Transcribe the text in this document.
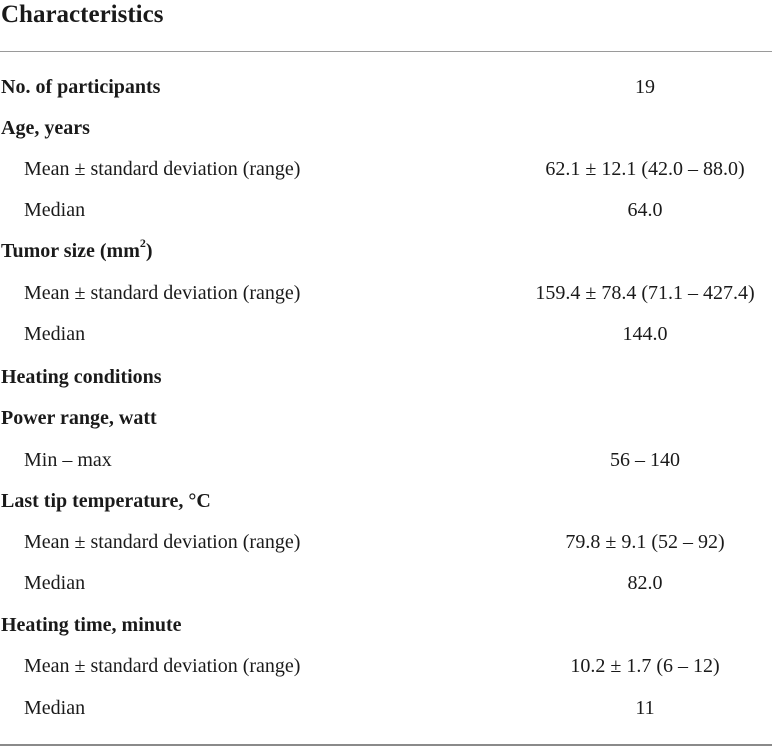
Characteristics
No. of participants	19
Age, years
Mean ± standard deviation (range)	62.1 ± 12.1 (42.0 – 88.0)
Median	64.0
Tumor size $(mm^2)$
Mean ± standard deviation (range)	159.4 ± 78.4 (71.1 – 427.4)
Median	144.0
Heating conditions
Power range, watt
Min – max	56 – 140
Last tip temperature, °C
Mean ± standard deviation (range)	79.8 ± 9.1 (52 – 92)
Median	82.0
Heating time, minute
Mean ± standard deviation (range)	10.2 ± 1.7 (6 – 12)
Median	11
